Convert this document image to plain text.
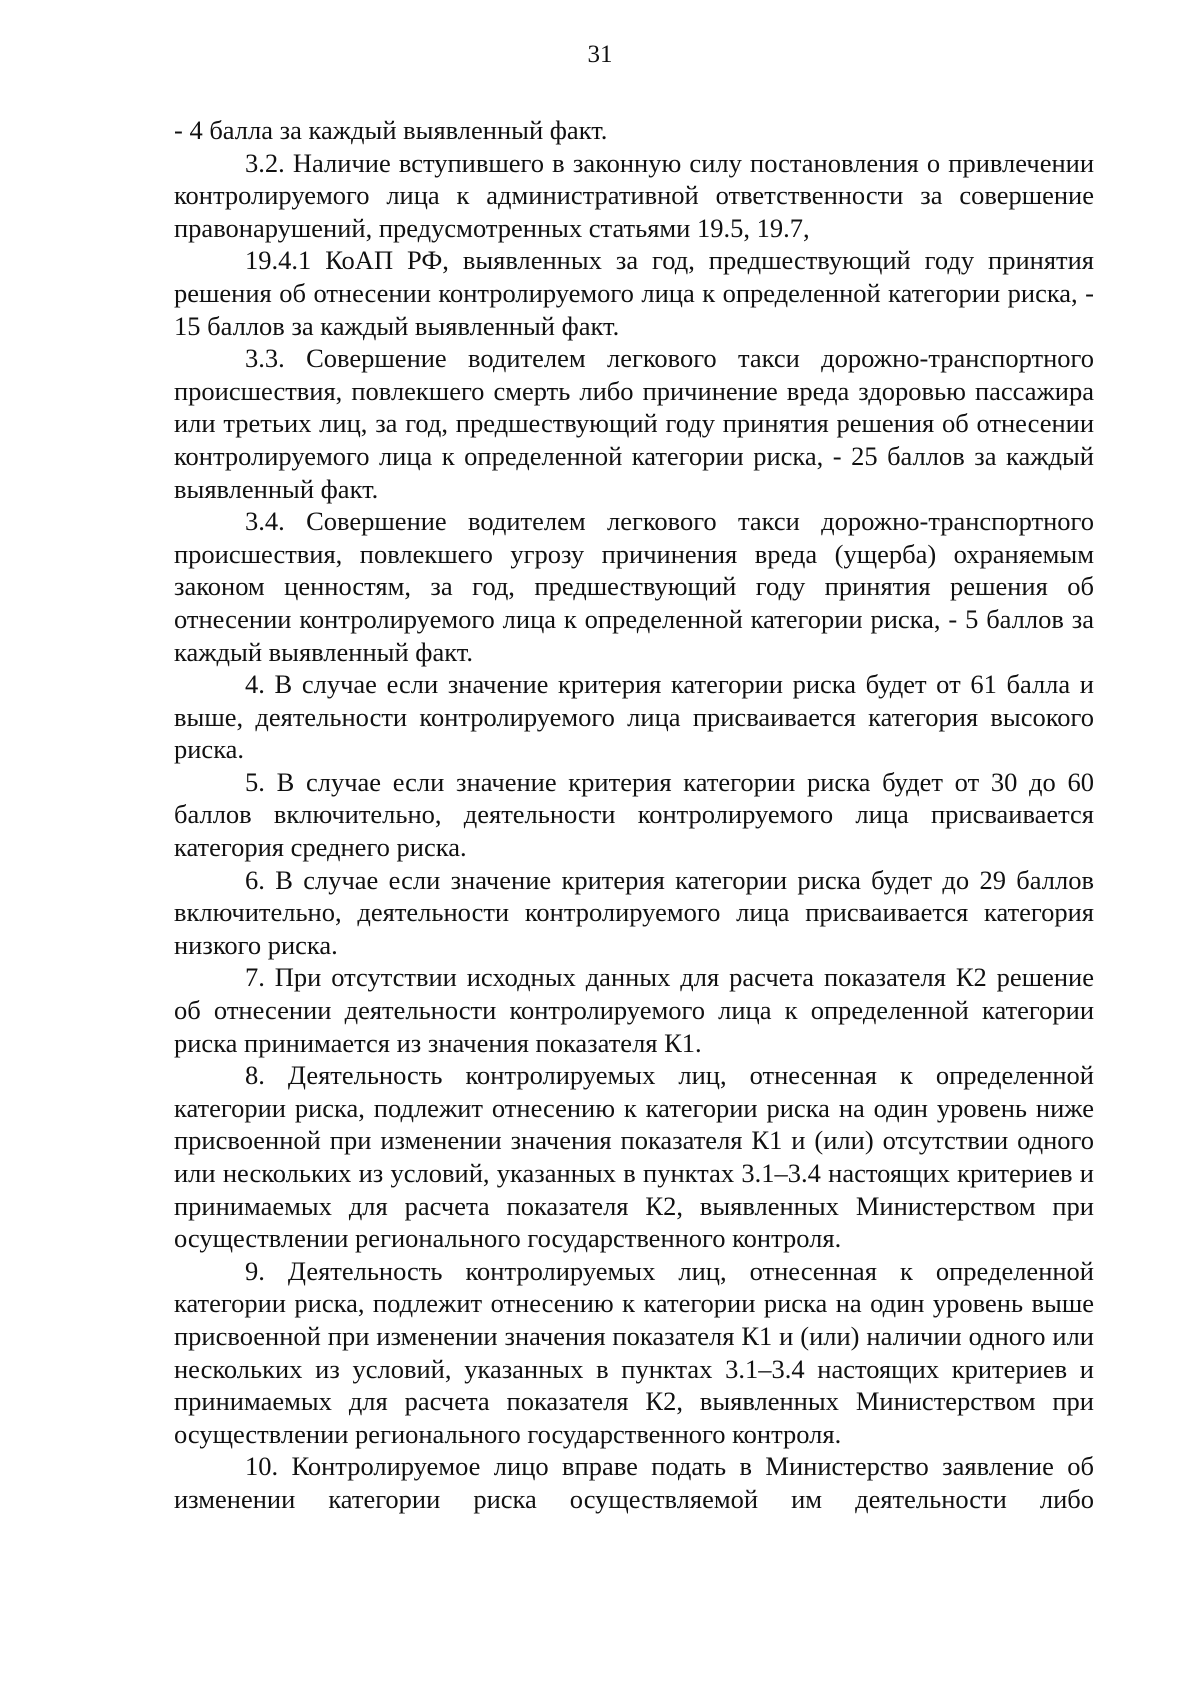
31

- 4 балла за каждый выявленный факт.

3.2. Наличие вступившего в законную силу постановления о привлечении контролируемого лица к административной ответственности за совершение правонарушений, предусмотренных статьями 19.5, 19.7,

19.4.1 КоАП РФ, выявленных за год, предшествующий году принятия решения об отнесении контролируемого лица к определенной категории риска, - 15 баллов за каждый выявленный факт.

3.3. Совершение водителем легкового такси дорожно-транспортного происшествия, повлекшего смерть либо причинение вреда здоровью пассажира или третьих лиц, за год, предшествующий году принятия решения об отнесении контролируемого лица к определенной категории риска, - 25 баллов за каждый выявленный факт.

3.4. Совершение водителем легкового такси дорожно-транспортного происшествия, повлекшего угрозу причинения вреда (ущерба) охраняемым законом ценностям, за год, предшествующий году принятия решения об отнесении контролируемого лица к определенной категории риска, - 5 баллов за каждый выявленный факт.

4. В случае если значение критерия категории риска будет от 61 балла и выше, деятельности контролируемого лица присваивается категория высокого риска.

5. В случае если значение критерия категории риска будет от 30 до 60 баллов включительно, деятельности контролируемого лица присваивается категория среднего риска.

6. В случае если значение критерия категории риска будет до 29 баллов включительно, деятельности контролируемого лица присваивается категория низкого риска.

7. При отсутствии исходных данных для расчета показателя К2 решение об отнесении деятельности контролируемого лица к определенной категории риска принимается из значения показателя К1.

8. Деятельность контролируемых лиц, отнесенная к определенной категории риска, подлежит отнесению к категории риска на один уровень ниже присвоенной при изменении значения показателя К1 и (или) отсутствии одного или нескольких из условий, указанных в пунктах 3.1–3.4 настоящих критериев и принимаемых для расчета показателя К2, выявленных Министерством при осуществлении регионального государственного контроля.

9. Деятельность контролируемых лиц, отнесенная к определенной категории риска, подлежит отнесению к категории риска на один уровень выше присвоенной при изменении значения показателя К1 и (или) наличии одного или нескольких из условий, указанных в пунктах 3.1–3.4 настоящих критериев и принимаемых для расчета показателя К2, выявленных Министерством при осуществлении регионального государственного контроля.

10. Контролируемое лицо вправе подать в Министерство заявление об изменении категории риска осуществляемой им деятельности либо
